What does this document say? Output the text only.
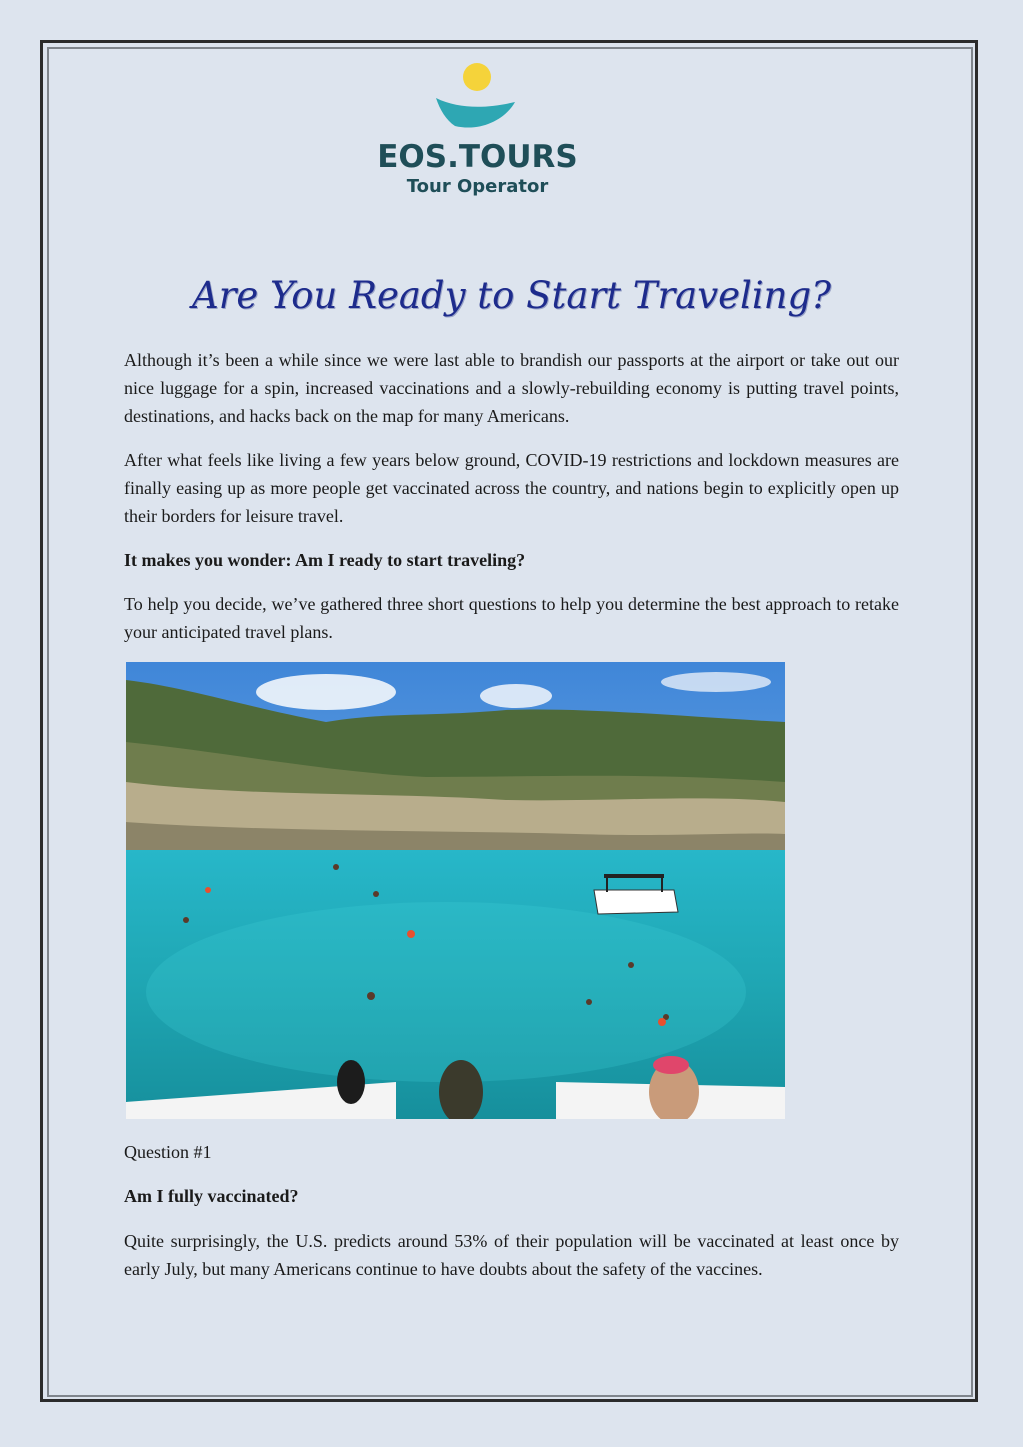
EOS.TOURS
Tour Operator
Are You Ready to Start Traveling?

Although it’s been a while since we were last able to brandish our passports at the airport or take out our nice luggage for a spin, increased vaccinations and a slowly-rebuilding economy is putting travel points, destinations, and hacks back on the map for many Americans.

After what feels like living a few years below ground, COVID-19 restrictions and lockdown measures are finally easing up as more people get vaccinated across the country, and nations begin to explicitly open up their borders for leisure travel.

It makes you wonder: Am I ready to start traveling?

To help you decide, we’ve gathered three short questions to help you determine the best approach to retake your anticipated travel plans.

Question #1

Am I fully vaccinated?

Quite surprisingly, the U.S. predicts around 53% of their population will be vaccinated at least once by early July, but many Americans continue to have doubts about the safety of the vaccines.
